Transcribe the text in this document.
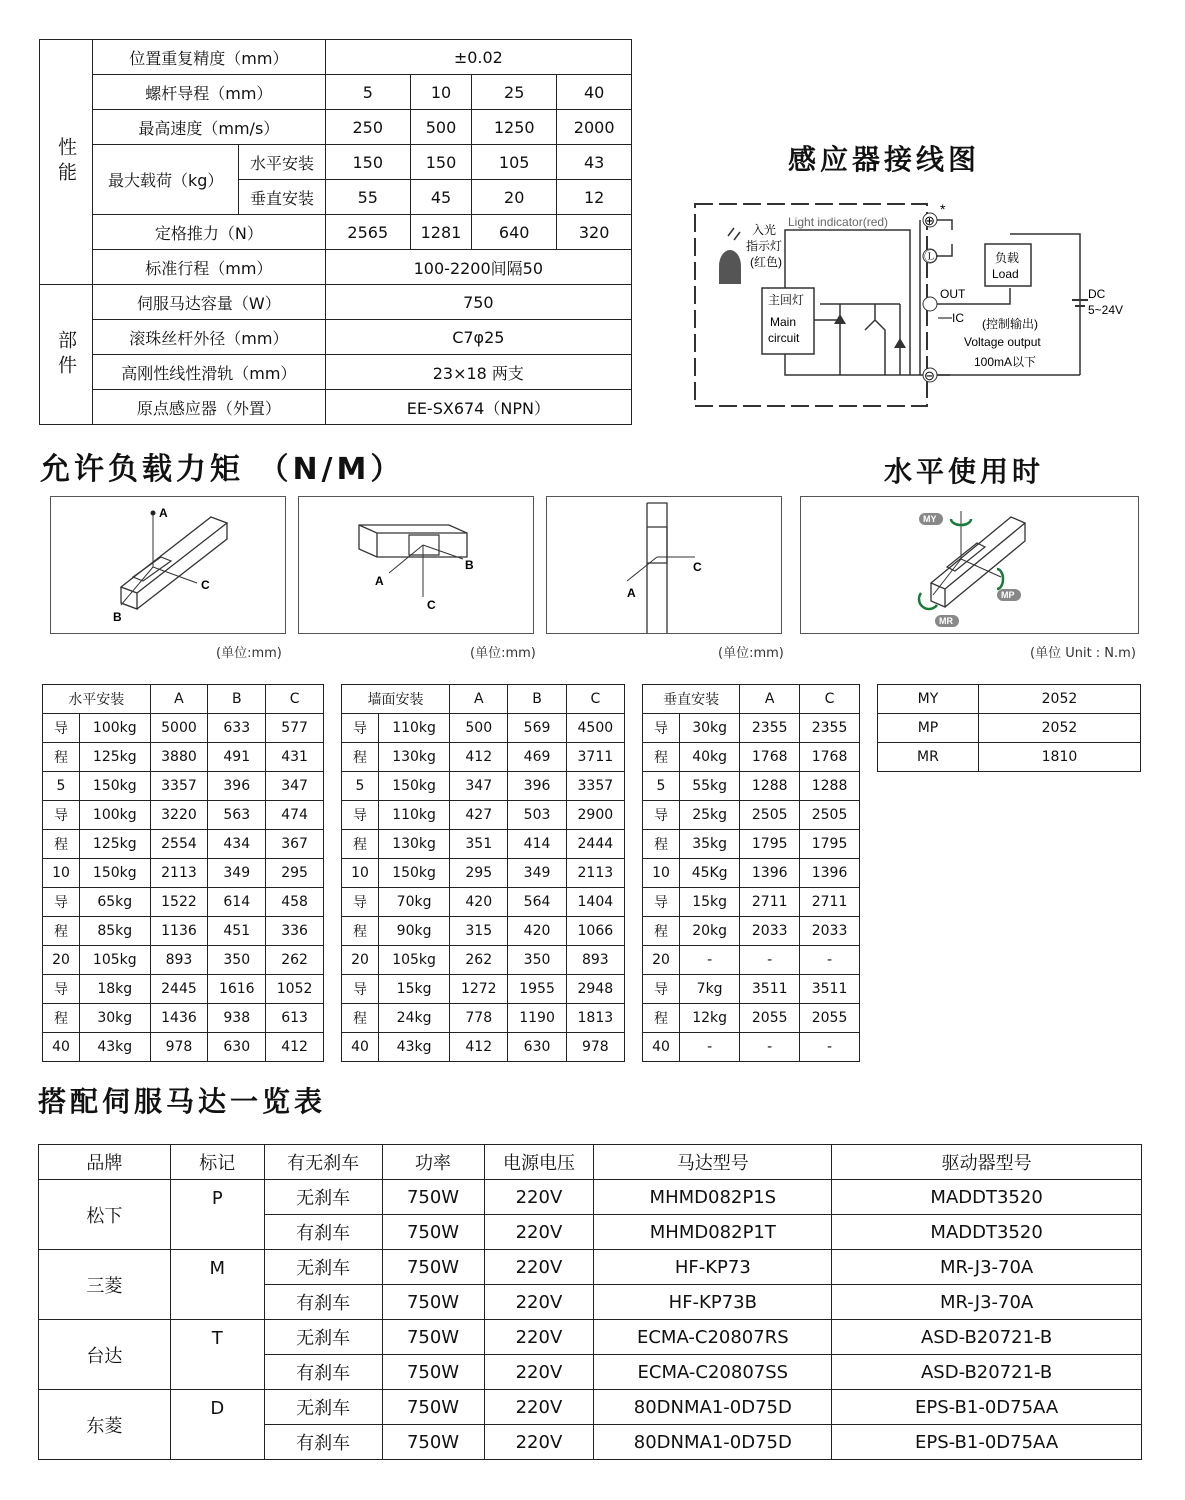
性能	位置重复精度（mm）		±0.02			
	螺杆导程（mm）		5	10	25	40
	最高速度（mm/s）		250	500	1250	2000
	最大载荷（kg）	水平安装	150	150	105	43
		垂直安装	55	45	20	12
	定格推力（N）		2565	1281	640	320
	标准行程（mm）		100-2200间隔50			
部件	伺服马达容量（W）		750			
	滚珠丝杆外径（mm）		C7φ25			
	高刚性线性滑轨（mm）		23×18 两支			
	原点感应器（外置）		EE-SX674（NPN）			
感应器接线图
入光
指示灯
(红色)
Light indicator(red)
主回灯
Main
circuit
⊕
*
Ⓛ
⊖
OUT
IC
负载
Load
(控制输出)
Voltage output
100mA以下
DC
5~24V
允许负载力矩 （N/M）	水平使用时
A
C
B
A
B
C
A
C
MY
MP
MR
(单位:mm)	(单位:mm)	(单位:mm)	(单位 Unit : N.m)
水平安装		A	B	C
导	100kg	5000	633	577
程	125kg	3880	491	431
5	150kg	3357	396	347
导	100kg	3220	563	474
程	125kg	2554	434	367
10	150kg	2113	349	295
导	65kg	1522	614	458
程	85kg	1136	451	336
20	105kg	893	350	262
导	18kg	2445	1616	1052
程	30kg	1436	938	613
40	43kg	978	630	412
墙面安装		A	B	C
导	110kg	500	569	4500
程	130kg	412	469	3711
5	150kg	347	396	3357
导	110kg	427	503	2900
程	130kg	351	414	2444
10	150kg	295	349	2113
导	70kg	420	564	1404
程	90kg	315	420	1066
20	105kg	262	350	893
导	15kg	1272	1955	2948
程	24kg	778	1190	1813
40	43kg	412	630	978
垂直安装		A	C
导	30kg	2355	2355
程	40kg	1768	1768
5	55kg	1288	1288
导	25kg	2505	2505
程	35kg	1795	1795
10	45Kg	1396	1396
导	15kg	2711	2711
程	20kg	2033	2033
20	-	-	-
导	7kg	3511	3511
程	12kg	2055	2055
40	-	-	-
MY	2052
MP	2052
MR	1810
搭配伺服马达一览表
品牌	标记	有无刹车	功率	电源电压	马达型号	驱动器型号
松下	P	无刹车	750W	220V	MHMD082P1S	MADDT3520
		有刹车	750W	220V	MHMD082P1T	MADDT3520
三菱	M	无刹车	750W	220V	HF-KP73	MR-J3-70A
		有刹车	750W	220V	HF-KP73B	MR-J3-70A
台达	T	无刹车	750W	220V	ECMA-C20807RS	ASD-B20721-B
		有刹车	750W	220V	ECMA-C20807SS	ASD-B20721-B
东菱	D	无刹车	750W	220V	80DNMA1-0D75D	EPS-B1-0D75AA
		有刹车	750W	220V	80DNMA1-0D75D	EPS-B1-0D75AA
